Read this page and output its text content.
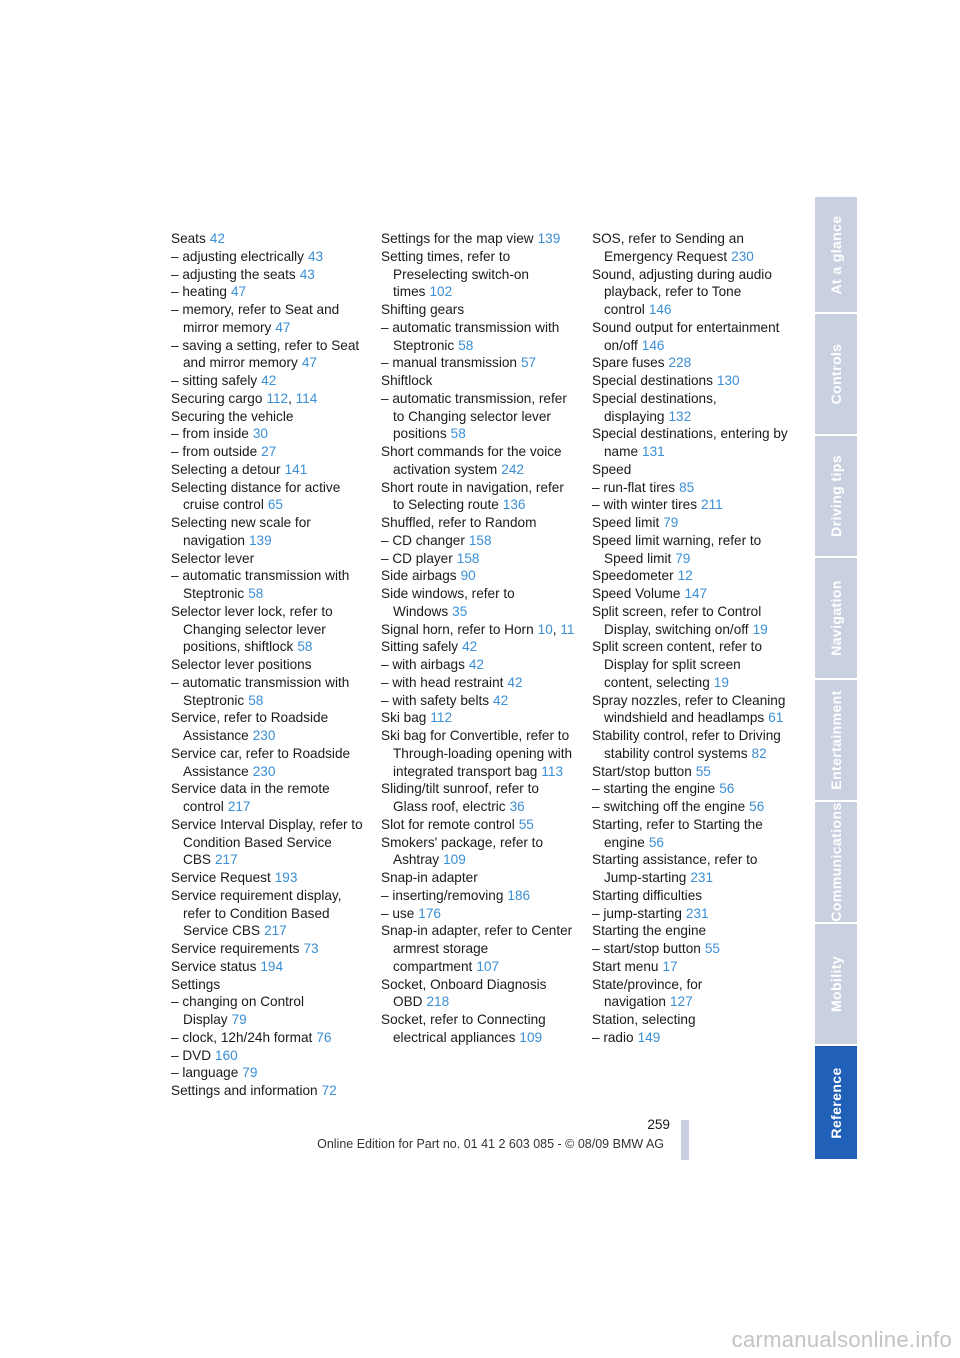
Seats 42
– adjusting electrically 43
– adjusting the seats 43
– heating 47
– memory, refer to Seat and mirror memory 47
– saving a setting, refer to Seat and mirror memory 47
– sitting safely 42
Securing cargo 112, 114
Securing the vehicle
– from inside 30
– from outside 27
Selecting a detour 141
Selecting distance for active cruise control 65
Selecting new scale for navigation 139
Selector lever
– automatic transmission with Steptronic 58
Selector lever lock, refer to Changing selector lever positions, shiftlock 58
Selector lever positions
– automatic transmission with Steptronic 58
Service, refer to Roadside Assistance 230
Service car, refer to Roadside Assistance 230
Service data in the remote control 217
Service Interval Display, refer to Condition Based Service CBS 217
Service Request 193
Service requirement display, refer to Condition Based Service CBS 217
Service requirements 73
Service status 194
Settings
– changing on Control Display 79
– clock, 12h/24h format 76
– DVD 160
– language 79
Settings and information 72
Settings for the map view 139
Setting times, refer to Preselecting switch-on times 102
Shifting gears
– automatic transmission with Steptronic 58
– manual transmission 57
Shiftlock
– automatic transmission, refer to Changing selector lever positions 58
Short commands for the voice activation system 242
Short route in navigation, refer to Selecting route 136
Shuffled, refer to Random
– CD changer 158
– CD player 158
Side airbags 90
Side windows, refer to Windows 35
Signal horn, refer to Horn 10, 11
Sitting safely 42
– with airbags 42
– with head restraint 42
– with safety belts 42
Ski bag 112
Ski bag for Convertible, refer to Through-loading opening with integrated transport bag 113
Sliding/tilt sunroof, refer to Glass roof, electric 36
Slot for remote control 55
Smokers' package, refer to Ashtray 109
Snap-in adapter
– inserting/removing 186
– use 176
Snap-in adapter, refer to Center armrest storage compartment 107
Socket, Onboard Diagnosis OBD 218
Socket, refer to Connecting electrical appliances 109
SOS, refer to Sending an Emergency Request 230
Sound, adjusting during audio playback, refer to Tone control 146
Sound output for entertainment on/off 146
Spare fuses 228
Special destinations 130
Special destinations, displaying 132
Special destinations, entering by name 131
Speed
– run-flat tires 85
– with winter tires 211
Speed limit 79
Speed limit warning, refer to Speed limit 79
Speedometer 12
Speed Volume 147
Split screen, refer to Control Display, switching on/off 19
Split screen content, refer to Display for split screen content, selecting 19
Spray nozzles, refer to Cleaning windshield and headlamps 61
Stability control, refer to Driving stability control systems 82
Start/stop button 55
– starting the engine 56
– switching off the engine 56
Starting, refer to Starting the engine 56
Starting assistance, refer to Jump-starting 231
Starting difficulties
– jump-starting 231
Starting the engine
– start/stop button 55
Start menu 17
State/province, for navigation 127
Station, selecting
– radio 149
At a glance
Controls
Driving tips
Navigation
Entertainment
Communications
Mobility
Reference
259
Online Edition for Part no. 01 41 2 603 085 - © 08/09 BMW AG
carmanualsonline.info
